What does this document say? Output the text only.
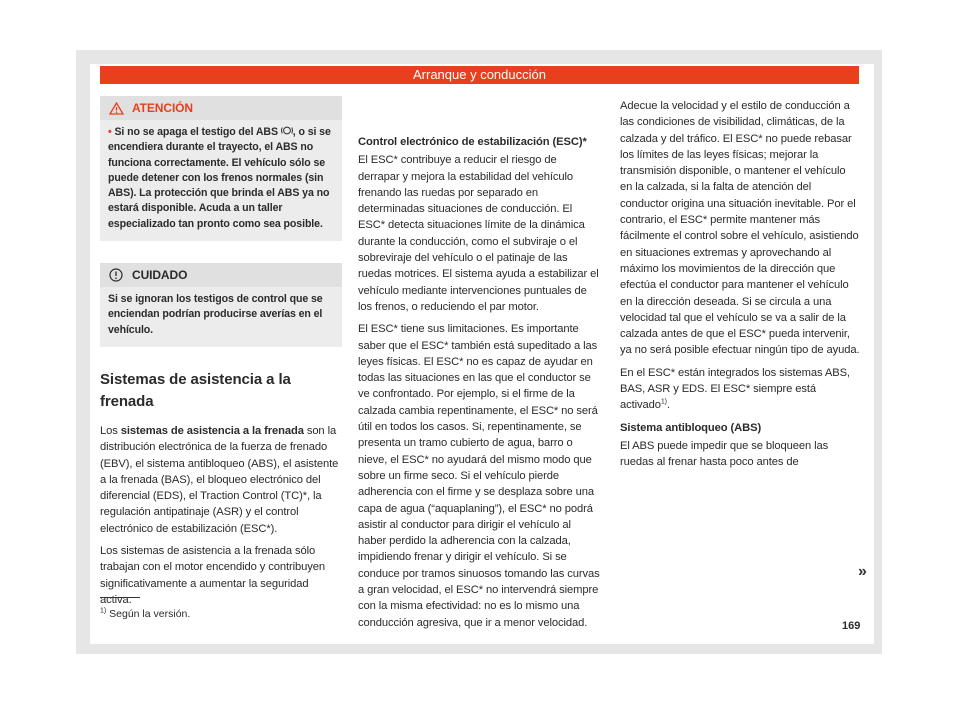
Arranque y conducción
ATENCIÓN
• Si no se apaga el testigo del ABS , o si se encendiera durante el trayecto, el ABS no funciona correctamente. El vehículo sólo se puede detener con los frenos normales (sin ABS). La protección que brinda el ABS ya no estará disponible. Acuda a un taller especializado tan pronto como sea posible.
CUIDADO
Si se ignoran los testigos de control que se enciendan podrían producirse averías en el vehículo.
Sistemas de asistencia a la frenada

Los sistemas de asistencia a la frenada son la distribución electrónica de la fuerza de frenado (EBV), el sistema antibloqueo (ABS), el asistente a la frenada (BAS), el bloqueo electrónico del diferencial (EDS), el Traction Control (TC)*, la regulación antipatinaje (ASR) y el control electrónico de estabilización (ESC*).

Los sistemas de asistencia a la frenada sólo trabajan con el motor encendido y contribuyen significativamente a aumentar la seguridad activa.

Control electrónico de estabilización (ESC)*

El ESC* contribuye a reducir el riesgo de derrapar y mejora la estabilidad del vehículo frenando las ruedas por separado en determinadas situaciones de conducción. El ESC* detecta situaciones límite de la dinámica durante la conducción, como el subviraje o el sobreviraje del vehículo o el patinaje de las ruedas motrices. El sistema ayuda a estabilizar el vehículo mediante intervenciones puntuales de los frenos, o reduciendo el par motor.

El ESC* tiene sus limitaciones. Es importante saber que el ESC* también está supeditado a las leyes físicas. El ESC* no es capaz de ayudar en todas las situaciones en las que el conductor se ve confrontado. Por ejemplo, si el firme de la calzada cambia repentinamente, el ESC* no será útil en todos los casos. Si, repentinamente, se presenta un tramo cubierto de agua, barro o nieve, el ESC* no ayudará del mismo modo que sobre un firme seco. Si el vehículo pierde adherencia con el firme y se desplaza sobre una capa de agua (“aquaplaning”), el ESC* no podrá asistir al conductor para dirigir el vehículo al haber perdido la adherencia con la calzada, impidiendo frenar y dirigir el vehículo. Si se conduce por tramos sinuosos tomando las curvas a gran velocidad, el ESC* no intervendrá siempre con la misma efectividad: no es lo mismo una conducción agresiva, que ir a menor velocidad.

Adecue la velocidad y el estilo de conducción a las condiciones de visibilidad, climáticas, de la calzada y del tráfico. El ESC* no puede rebasar los límites de las leyes físicas; mejorar la transmisión disponible, o mantener el vehículo en la calzada, si la falta de atención del conductor origina una situación inevitable. Por el contrario, el ESC* permite mantener más fácilmente el control sobre el vehículo, asistiendo en situaciones extremas y aprovechando al máximo los movimientos de la dirección que efectúa el conductor para mantener el vehículo en la dirección deseada. Si se circula a una velocidad tal que el vehículo se va a salir de la calzada antes de que el ESC* pueda intervenir, ya no será posible efectuar ningún tipo de ayuda.

En el ESC* están integrados los sistemas ABS, BAS, ASR y EDS. El ESC* siempre está activado$^{1)}$.

Sistema antibloqueo (ABS)

El ABS puede impedir que se bloqueen las ruedas al frenar hasta poco antes de

»
$^{1)}$ Según la versión.
169
